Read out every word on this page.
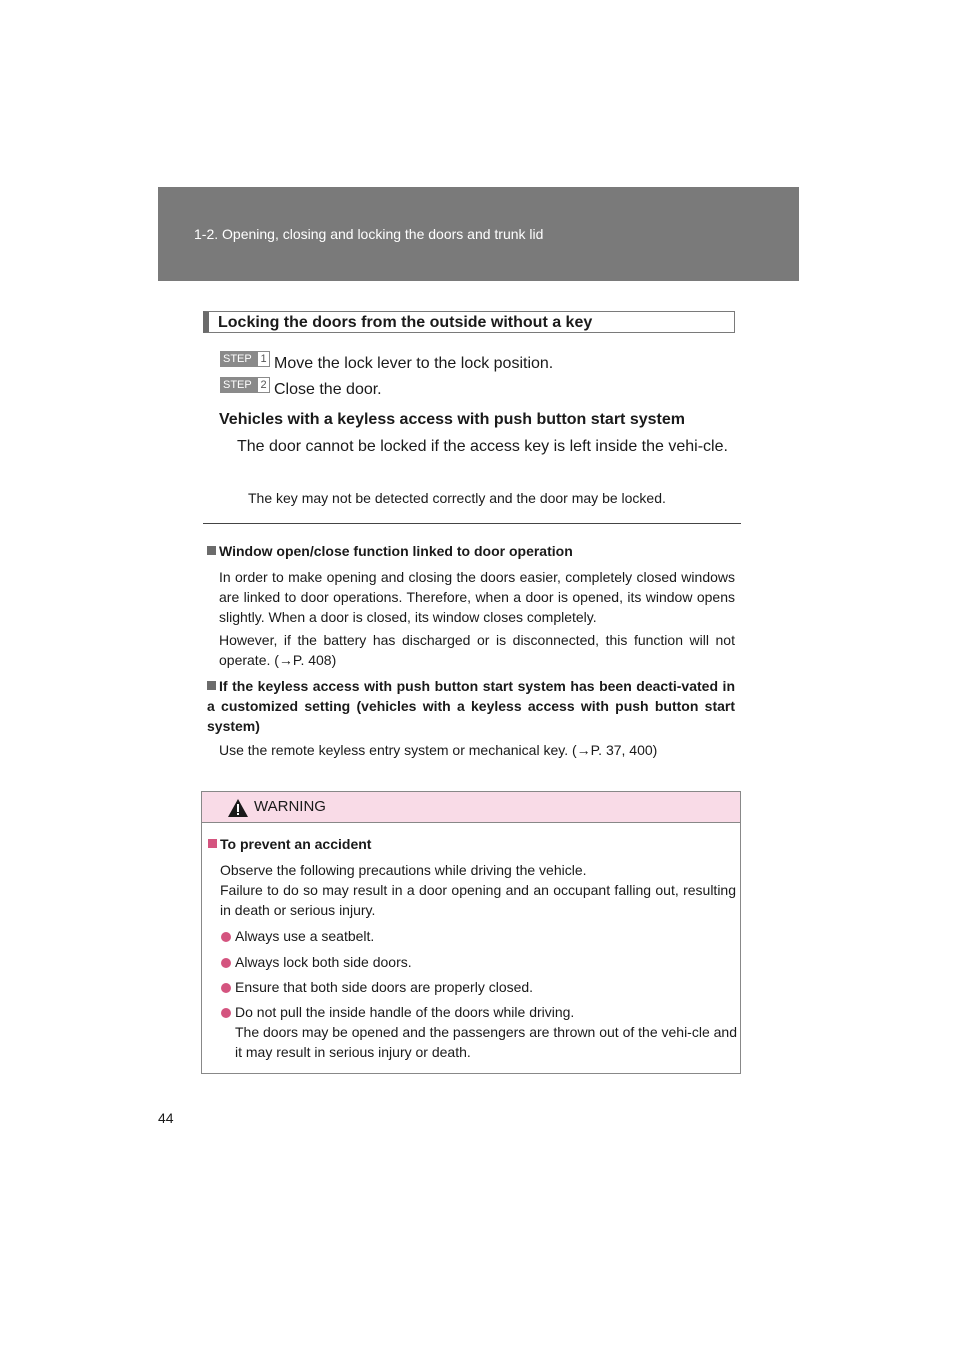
1-2. Opening, closing and locking the doors and trunk lid
Locking the doors from the outside without a key
STEP 1 Move the lock lever to the lock position.
STEP 2 Close the door.
Vehicles with a keyless access with push button start system
The door cannot be locked if the access key is left inside the vehi-cle.
The key may not be detected correctly and the door may be locked.
Window open/close function linked to door operation
In order to make opening and closing the doors easier, completely closed windows are linked to door operations. Therefore, when a door is opened, its window opens slightly. When a door is closed, its window closes completely.
However, if the battery has discharged or is disconnected, this function will not operate. (→P. 408)
If the keyless access with push button start system has been deacti-vated in a customized setting (vehicles with a keyless access with push button start system)
Use the remote keyless entry system or mechanical key. (→P. 37, 400)
WARNING
To prevent an accident
Observe the following precautions while driving the vehicle.
Failure to do so may result in a door opening and an occupant falling out, resulting in death or serious injury.
Always use a seatbelt.
Always lock both side doors.
Ensure that both side doors are properly closed.
Do not pull the inside handle of the doors while driving.
The doors may be opened and the passengers are thrown out of the vehi-cle and it may result in serious injury or death.
44
